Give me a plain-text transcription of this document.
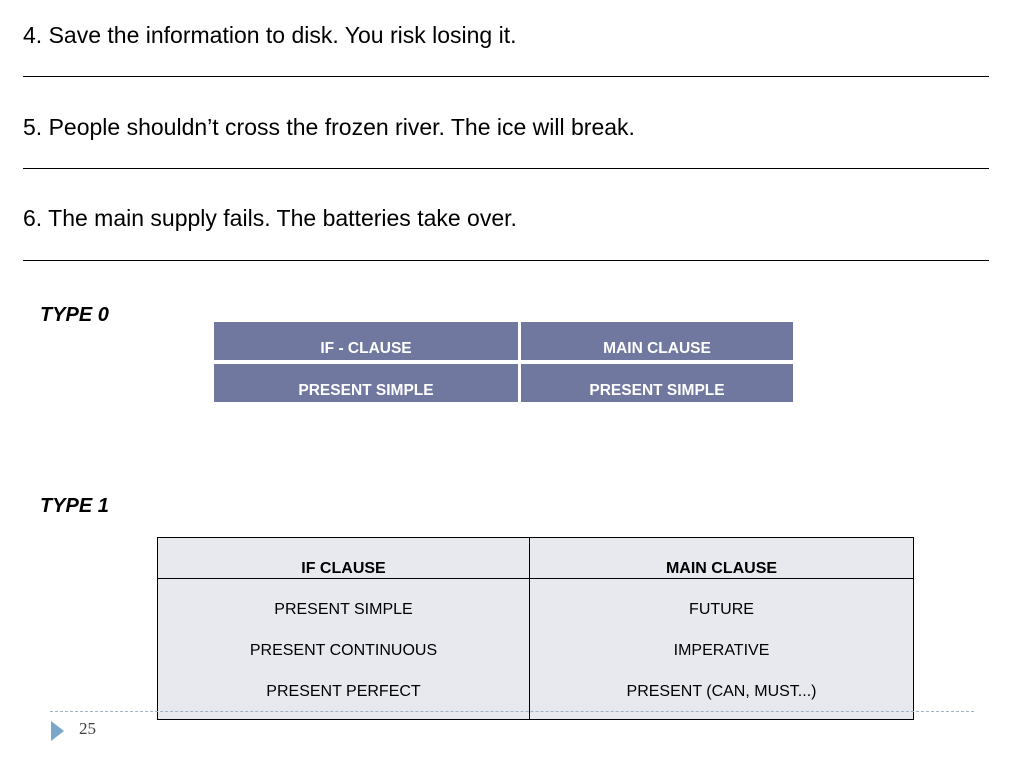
4. Save the information to disk. You risk losing it.
5. People shouldn’t cross the frozen river. The ice will break.
6. The main supply fails. The batteries take over.
TYPE 0
IF - CLAUSE	MAIN CLAUSE
PRESENT SIMPLE	PRESENT SIMPLE
TYPE 1
IF CLAUSE	MAIN CLAUSE
PRESENT SIMPLE	FUTURE
PRESENT CONTINUOUS	IMPERATIVE
PRESENT PERFECT	PRESENT (CAN, MUST...)
25
